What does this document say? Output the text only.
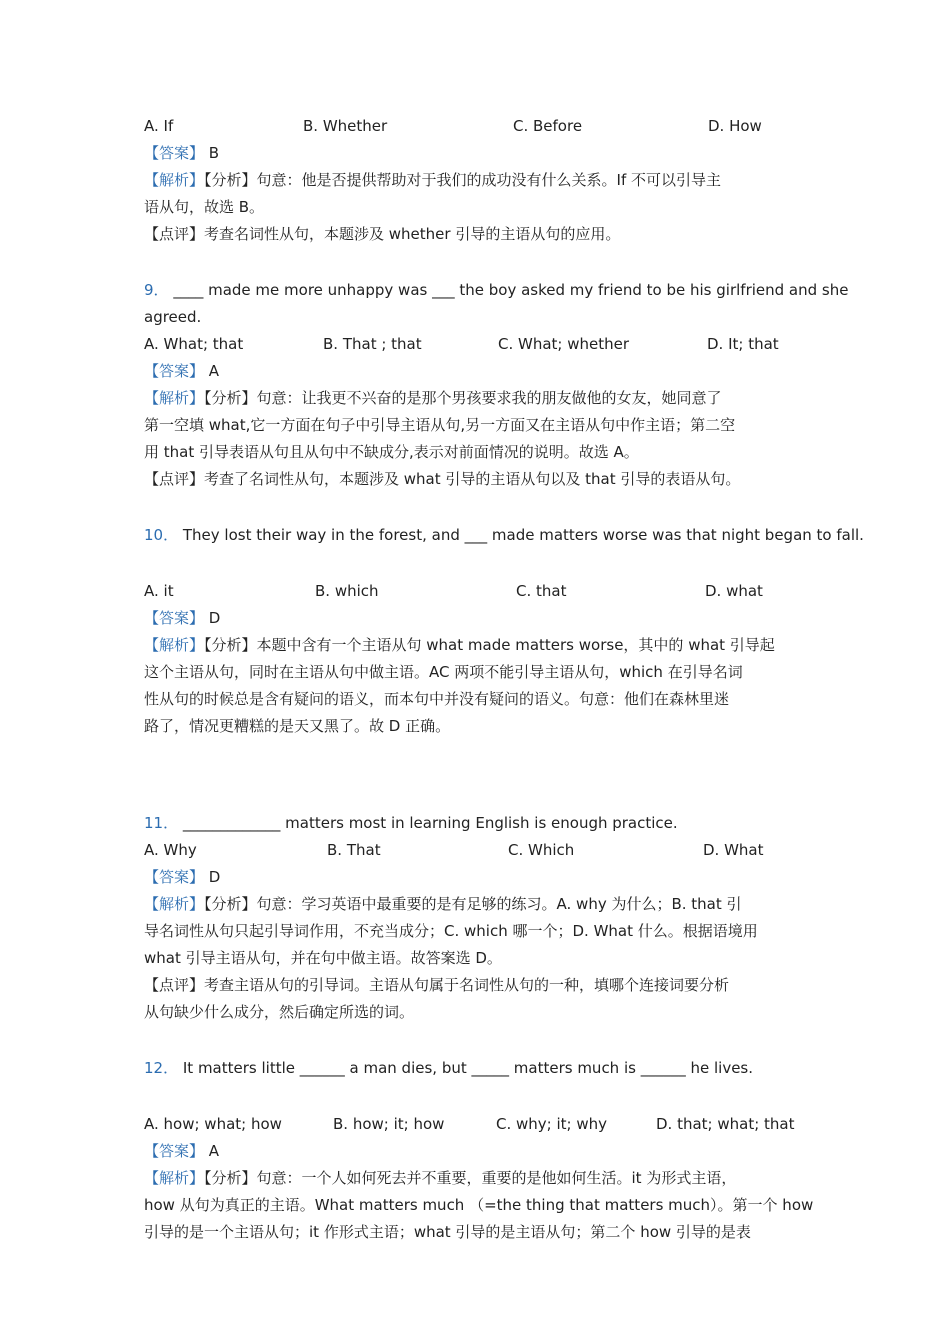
A. If	B. Whether	C. Before	D. How
【答案】 B
【解析】【分析】句意：他是否提供帮助对于我们的成功没有什么关系。If 不可以引导主
语从句，故选 B。
【点评】考查名词性从句，本题涉及 whether 引导的主语从句的应用。
9． ____ made me more unhappy was ___ the boy asked my friend to be his girlfriend and she
agreed.
A. What; that	B. That ; that	C. What; whether	D. It; that
【答案】 A
【解析】【分析】句意：让我更不兴奋的是那个男孩要求我的朋友做他的女友，她同意了
第一空填 what,它一方面在句子中引导主语从句,另一方面又在主语从句中作主语；第二空
用 that 引导表语从句且从句中不缺成分,表示对前面情况的说明。故选 A。
【点评】考查了名词性从句，本题涉及 what 引导的主语从句以及 that 引导的表语从句。
10． They lost their way in the forest, and ___ made matters worse was that night began to fall.
A. it	B. which	C. that	D. what
【答案】 D
【解析】【分析】本题中含有一个主语从句 what made matters worse，其中的 what 引导起
这个主语从句，同时在主语从句中做主语。AC 两项不能引导主语从句，which 在引导名词
性从句的时候总是含有疑问的语义，而本句中并没有疑问的语义。句意：他们在森林里迷
路了，情况更糟糕的是天又黑了。故 D 正确。
11． _____________ matters most in learning English is enough practice.
A. Why	B. That	C. Which	D. What
【答案】 D
【解析】【分析】句意：学习英语中最重要的是有足够的练习。A. why 为什么；B. that 引
导名词性从句只起引导词作用，不充当成分；C. which 哪一个；D. What 什么。根据语境用
what 引导主语从句，并在句中做主语。故答案选 D。
【点评】考查主语从句的引导词。主语从句属于名词性从句的一种，填哪个连接词要分析
从句缺少什么成分，然后确定所选的词。
12． It matters little ______ a man dies, but _____ matters much is ______ he lives.
A. how; what; how	B. how; it; how	C. why; it; why	D. that; what; that
【答案】 A
【解析】【分析】句意：一个人如何死去并不重要，重要的是他如何生活。it 为形式主语，
how 从句为真正的主语。What matters much （=the thing that matters much）。第一个 how
引导的是一个主语从句；it 作形式主语；what 引导的是主语从句；第二个 how 引导的是表
